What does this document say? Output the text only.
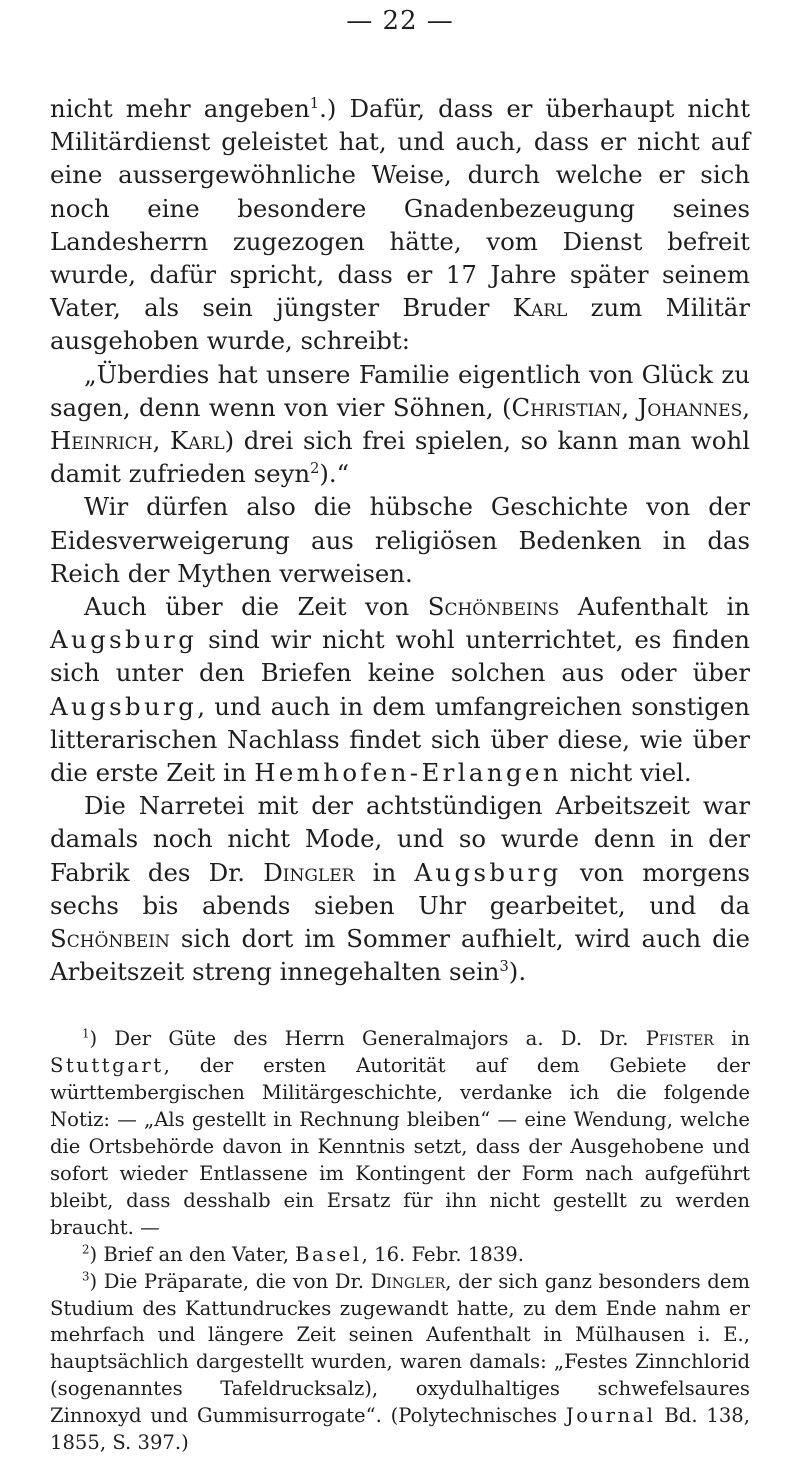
— 22 —

nicht mehr angeben$^1$.) Dafür, dass er überhaupt nicht Militärdienst geleistet hat, und auch, dass er nicht auf eine aussergewöhnliche Weise, durch welche er sich noch eine besondere Gnadenbezeugung seines Landesherrn zugezogen hätte, vom Dienst befreit wurde, dafür spricht, dass er 17 Jahre später seinem Vater, als sein jüngster Bruder Karl zum Militär ausgehoben wurde, schreibt:

„Überdies hat unsere Familie eigentlich von Glück zu sagen, denn wenn von vier Söhnen, (Christian, Johannes, Heinrich, Karl) drei sich frei spielen, so kann man wohl damit zufrieden seyn$^2$).“

Wir dürfen also die hübsche Geschichte von der Eidesverweigerung aus religiösen Bedenken in das Reich der Mythen verweisen.

Auch über die Zeit von Schönbeins Aufenthalt in Augsburg sind wir nicht wohl unterrichtet, es finden sich unter den Briefen keine solchen aus oder über Augsburg, und auch in dem umfangreichen sonstigen litterarischen Nachlass findet sich über diese, wie über die erste Zeit in Hemhofen-Erlangen nicht viel.

Die Narretei mit der achtstündigen Arbeitszeit war damals noch nicht Mode, und so wurde denn in der Fabrik des Dr. Dingler in Augsburg von morgens sechs bis abends sieben Uhr gearbeitet, und da Schönbein sich dort im Sommer aufhielt, wird auch die Arbeitszeit streng innegehalten sein$^3$).

$^1$) Der Güte des Herrn Generalmajors a. D. Dr. Pfister in Stuttgart, der ersten Autorität auf dem Gebiete der württembergischen Militärgeschichte, verdanke ich die folgende Notiz: — „Als gestellt in Rechnung bleiben“ — eine Wendung, welche die Ortsbehörde davon in Kenntnis setzt, dass der Ausgehobene und sofort wieder Entlassene im Kontingent der Form nach aufgeführt bleibt, dass desshalb ein Ersatz für ihn nicht gestellt zu werden braucht. —

$^2$) Brief an den Vater, Basel, 16. Febr. 1839.

$^3$) Die Präparate, die von Dr. Dingler, der sich ganz besonders dem Studium des Kattundruckes zugewandt hatte, zu dem Ende nahm er mehrfach und längere Zeit seinen Aufenthalt in Mülhausen i. E., hauptsächlich dargestellt wurden, waren damals: „Festes Zinnchlorid (sogenanntes Tafeldrucksalz), oxydulhaltiges schwefelsaures Zinnoxyd und Gummisurrogate“. (Polytechnisches Journal Bd. 138, 1855, S. 397.)
